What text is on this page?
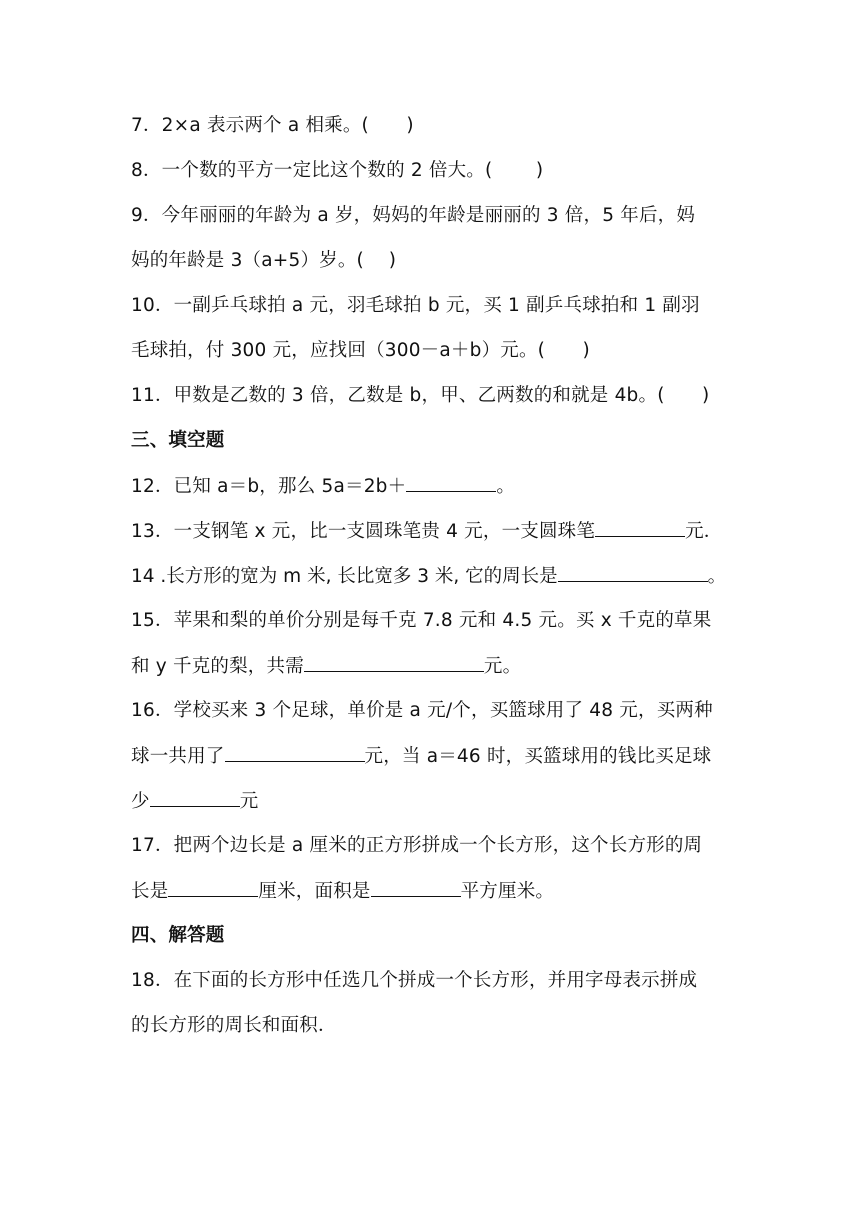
7．2×a 表示两个 a 相乘。(　　)
8．一个数的平方一定比这个数的 2 倍大。(　　 )
9．今年丽丽的年龄为 a 岁，妈妈的年龄是丽丽的 3 倍，5 年后，妈
妈的年龄是 3（a+5）岁。(　 )
10．一副乒乓球拍 a 元，羽毛球拍 b 元，买 1 副乒乓球拍和 1 副羽
毛球拍，付 300 元，应找回（300－a＋b）元。(　　)
11．甲数是乙数的 3 倍，乙数是 b，甲、乙两数的和就是 4b。(　　)
三、填空题
12．已知 a＝b，那么 5a＝2b＋	。
13．一支钢笔 x 元，比一支圆珠笔贵 4 元，一支圆珠笔	元．
14 .长方形的宽为 m 米, 长比宽多 3 米, 它的周长是	。
15．苹果和梨的单价分别是每千克 7.8 元和 4.5 元。买 x 千克的草果
和 y 千克的梨，共需	元。
16．学校买来 3 个足球，单价是 a 元/个，买篮球用了 48 元，买两种
球一共用了	元，当 a＝46 时，买篮球用的钱比买足球
少	元
17．把两个边长是 a 厘米的正方形拼成一个长方形，这个长方形的周
长是	厘米，面积是	平方厘米。
四、解答题
18．在下面的长方形中任选几个拼成一个长方形，并用字母表示拼成
的长方形的周长和面积．
